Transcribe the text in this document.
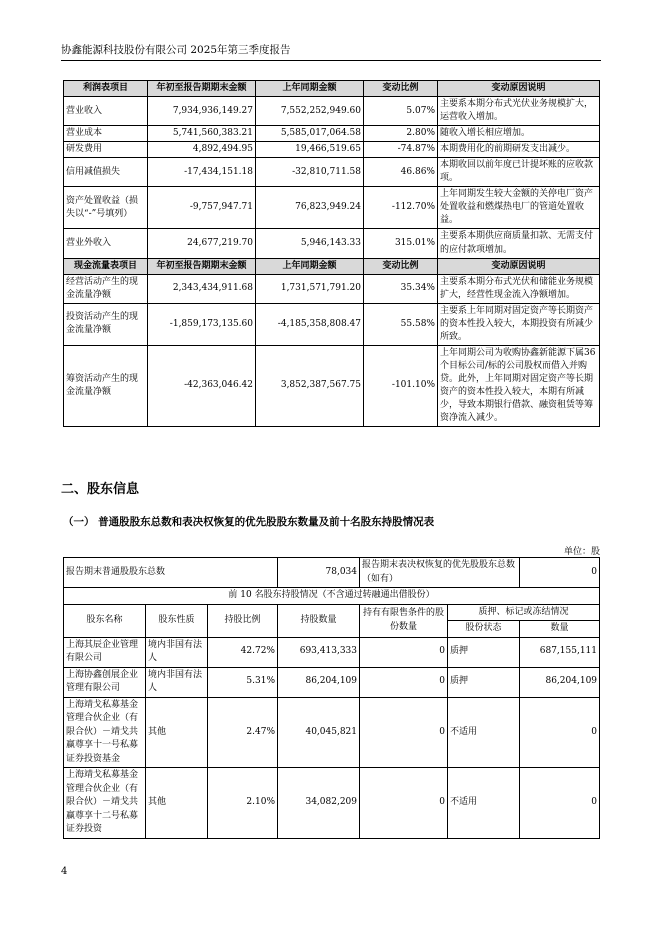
协鑫能源科技股份有限公司 2025年第三季度报告
利润表项目	年初至报告期期末金额	上年同期金额	变动比例	变动原因说明
营业收入	7,934,936,149.27	7,552,252,949.60	5.07%	主要系本期分布式光伏业务规模扩大，运营收入增加。
营业成本	5,741,560,383.21	5,585,017,064.58	2.80%	随收入增长相应增加。
研发费用	4,892,494.95	19,466,519.65	-74.87%	本期费用化的前期研发支出减少。
信用减值损失	-17,434,151.18	-32,810,711.58	46.86%	本期收回以前年度已计提坏账的应收款项。
资产处置收益（损失以“-”号填列）	-9,757,947.71	76,823,949.24	-112.70%	上年同期发生较大金额的关停电厂资产处置收益和燃煤热电厂的管道处置收益。
营业外收入	24,677,219.70	5,946,143.33	315.01%	主要系本期供应商质量扣款、无需支付的应付款项增加。
现金流量表项目	年初至报告期期末金额	上年同期金额	变动比例	变动原因说明
经营活动产生的现金流量净额	2,343,434,911.68	1,731,571,791.20	35.34%	主要系本期分布式光伏和储能业务规模扩大，经营性现金流入净额增加。
投资活动产生的现金流量净额	-1,859,173,135.60	-4,185,358,808.47	55.58%	主要系上年同期对固定资产等长期资产的资本性投入较大，本期投资有所减少所致。
筹资活动产生的现金流量净额	-42,363,046.42	3,852,387,567.75	-101.10%	上年同期公司为收购协鑫新能源下属36个目标公司/标的公司股权而借入并购贷。此外，上年同期对固定资产等长期资产的资本性投入较大，本期有所减少，导致本期银行借款、融资租赁等筹资净流入减少。
二、股东信息
（一） 普通股股东总数和表决权恢复的优先股股东数量及前十名股东持股情况表
单位：股
报告期末普通股股东总数			78,034	报告期末表决权恢复的优先股股东总数（如有）		0
前 10 名股东持股情况（不含通过转融通出借股份）						
股东名称	股东性质	持股比例	持股数量	持有有限售条件的股份数量	质押、标记或冻结情况	
					股份状态	数量
上海其辰企业管理有限公司	境内非国有法人	42.72%	693,413,333	0	质押	687,155,111
上海协鑫创展企业管理有限公司	境内非国有法人	5.31%	86,204,109	0	质押	86,204,109
上海靖戈私募基金管理合伙企业（有限合伙）－靖戈共赢尊享十一号私募证券投资基金	其他	2.47%	40,045,821	0	不适用	0
上海靖戈私募基金管理合伙企业（有限合伙）－靖戈共赢尊享十二号私募证券投资	其他	2.10%	34,082,209	0	不适用	0
4
